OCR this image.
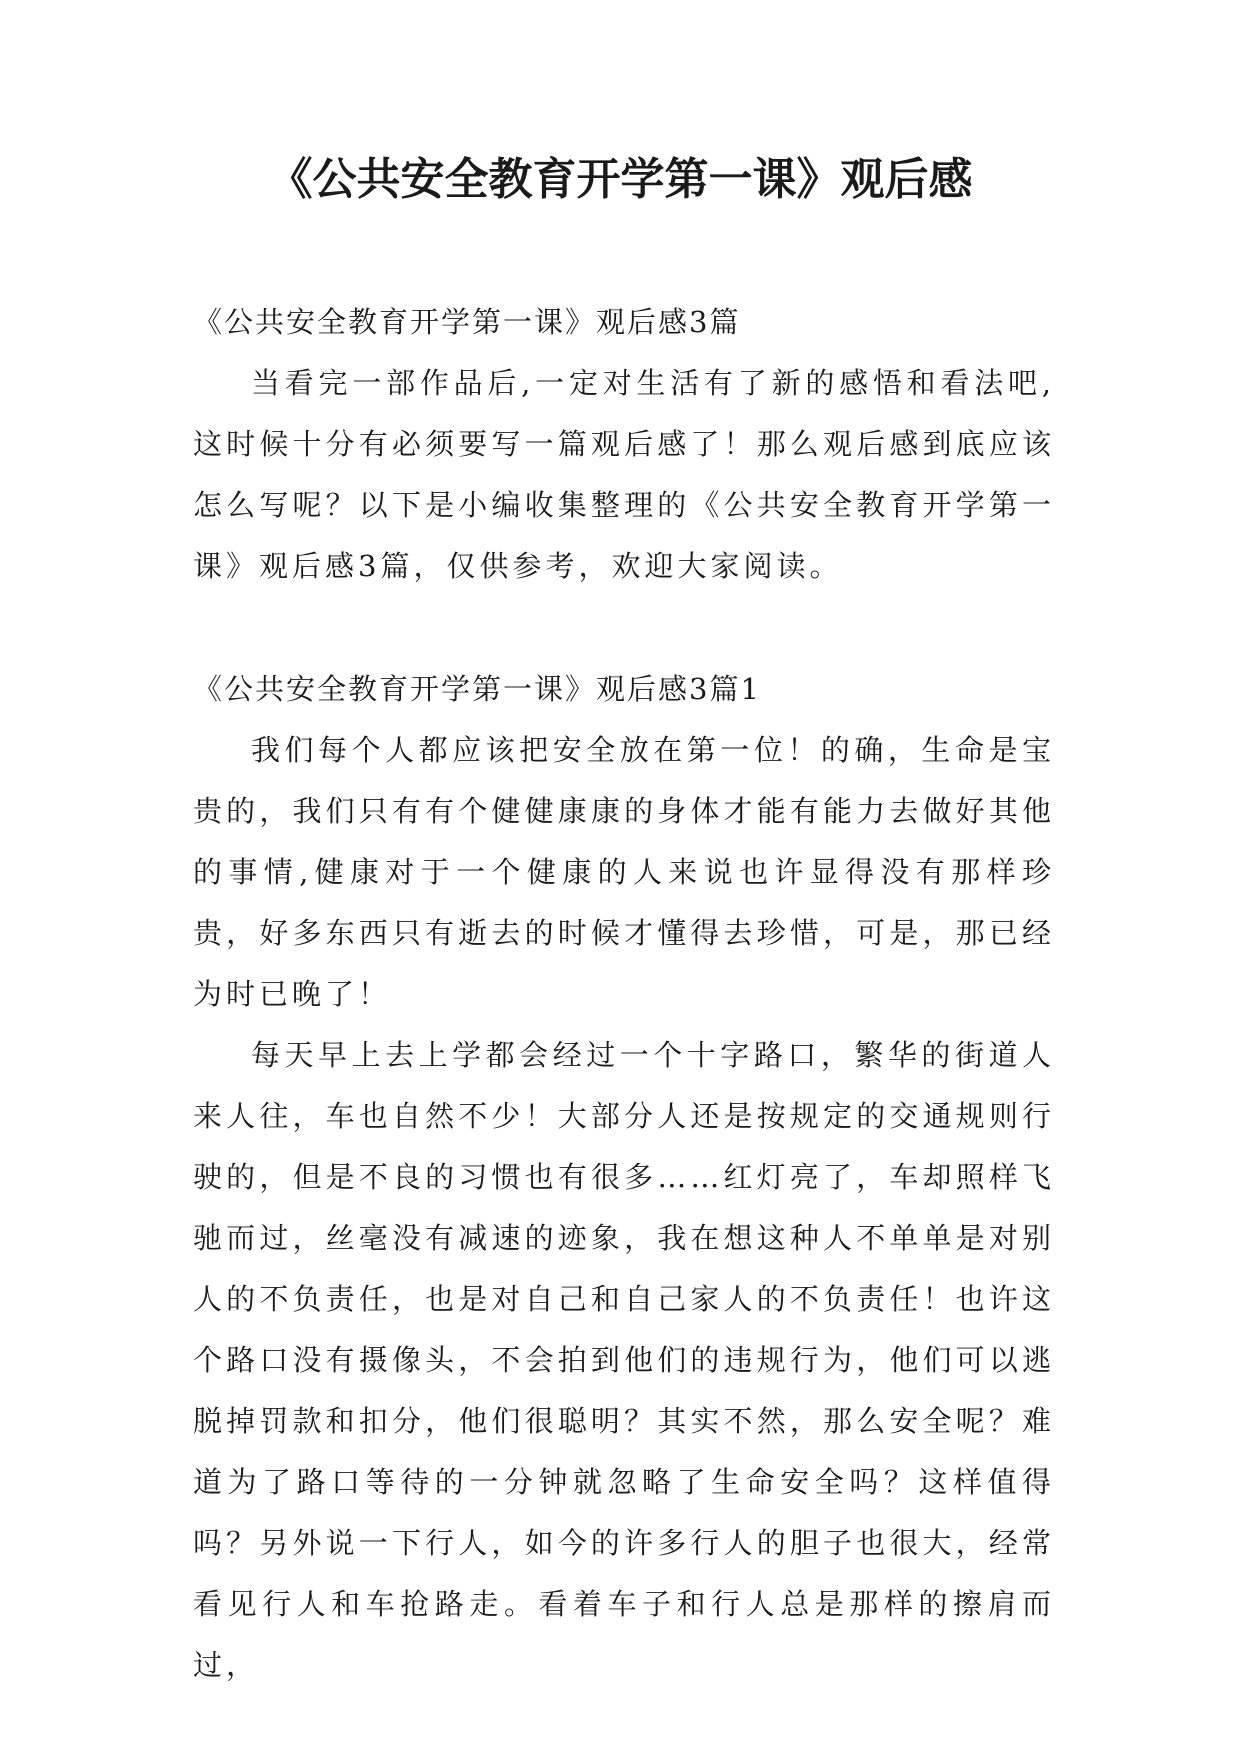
《公共安全教育开学第一课》观后感

《公共安全教育开学第一课》观后感3篇

当看完一部作品后,一定对生活有了新的感悟和看法吧,这时候十分有必须要写一篇观后感了！那么观后感到底应该怎么写呢？以下是小编收集整理的《公共安全教育开学第一课》观后感3篇，仅供参考，欢迎大家阅读。

《公共安全教育开学第一课》观后感3篇1

我们每个人都应该把安全放在第一位！的确，生命是宝贵的，我们只有有个健健康康的身体才能有能力去做好其他的事情,健康对于一个健康的人来说也许显得没有那样珍贵，好多东西只有逝去的时候才懂得去珍惜，可是，那已经为时已晚了！

每天早上去上学都会经过一个十字路口，繁华的街道人来人往，车也自然不少！大部分人还是按规定的交通规则行驶的，但是不良的习惯也有很多……红灯亮了，车却照样飞驰而过，丝毫没有减速的迹象，我在想这种人不单单是对别人的不负责任，也是对自己和自己家人的不负责任！也许这个路口没有摄像头，不会拍到他们的违规行为，他们可以逃脱掉罚款和扣分，他们很聪明？其实不然，那么安全呢？难道为了路口等待的一分钟就忽略了生命安全吗？这样值得吗？另外说一下行人，如今的许多行人的胆子也很大，经常看见行人和车抢路走。看着车子和行人总是那样的擦肩而过，
